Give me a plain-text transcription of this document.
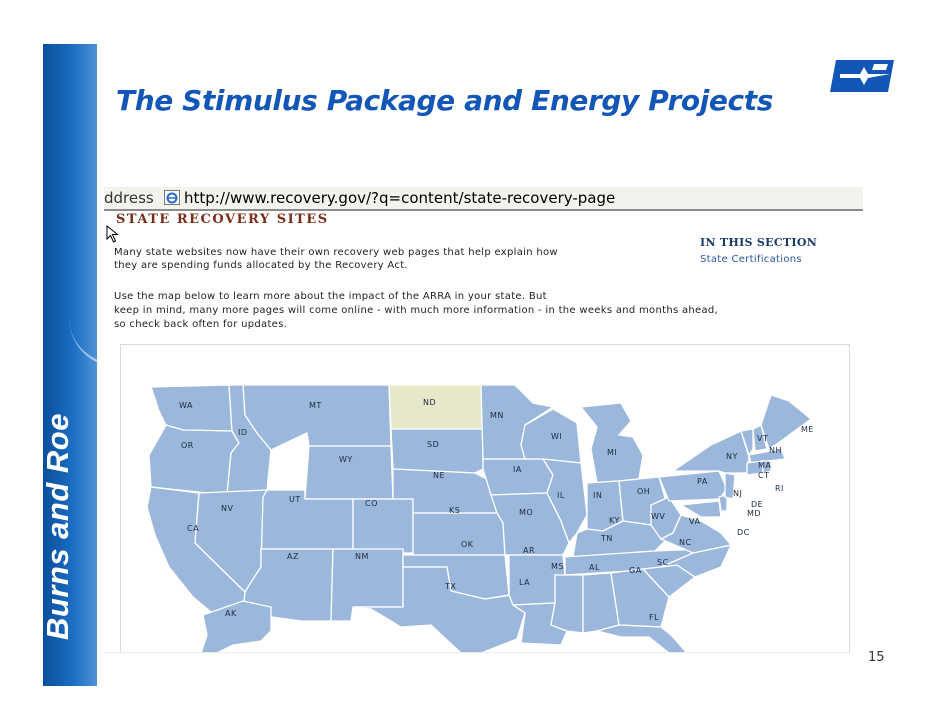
Burns and Roe
The Stimulus Package and Energy Projects
ddress http://www.recovery.gov/?q=content/state-recovery-page
STATE RECOVERY SITES
Many state websites now have their own recovery web pages that help explain how
they are spending funds allocated by the Recovery Act.
Use the map below to learn more about the impact of the ARRA in your state. But
keep in mind, many more pages will come online - with much more information - in the weeks and months ahead,
so check back often for updates.
IN THIS SECTION
State Certifications
WA	MT	ND
MN
OR
ID
SD
WI
ME
VT
NH
NY
MI
MA
CT
RI
WY
IA
NE
PA
NJ
OH
IL	IN
UT
NV
CO	DE
MD
KS	MO	WV
VA
KY
CA	DC
OK
TN	NC
AR
AZ	NM
SC
MS	AL	GA
TX	LA
AK	FL
15
